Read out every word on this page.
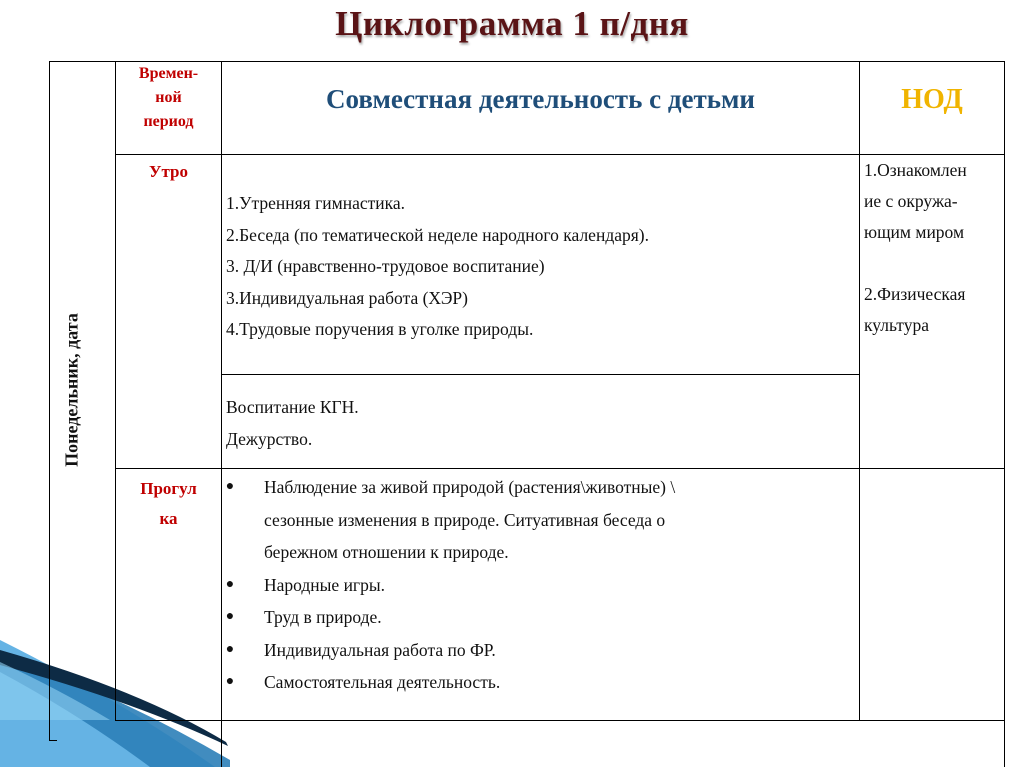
Циклограмма 1 п/дня
Понедельник, дата
Времен-
ной
период
Совместная деятельность с детьми	НОД
Утро
1.Утренняя гимнастика.
2.Беседа (по тематической неделе народного календаря).
3. Д/И (нравственно-трудовое воспитание)
3.Индивидуальная работа (ХЭР)
4.Трудовые поручения в уголке природы.
Воспитание КГН.
Дежурство.
1.Ознакомлен
ие с окружа-
ющим миром

2.Физическая
культура
Прогул
ка
● Наблюдение за живой природой (растения\животные) \
сезонные изменения в природе. Ситуативная беседа о
бережном отношении к природе.
● Народные игры.
● Труд в природе.
● Индивидуальная работа по ФР.
● Самостоятельная деятельность.
